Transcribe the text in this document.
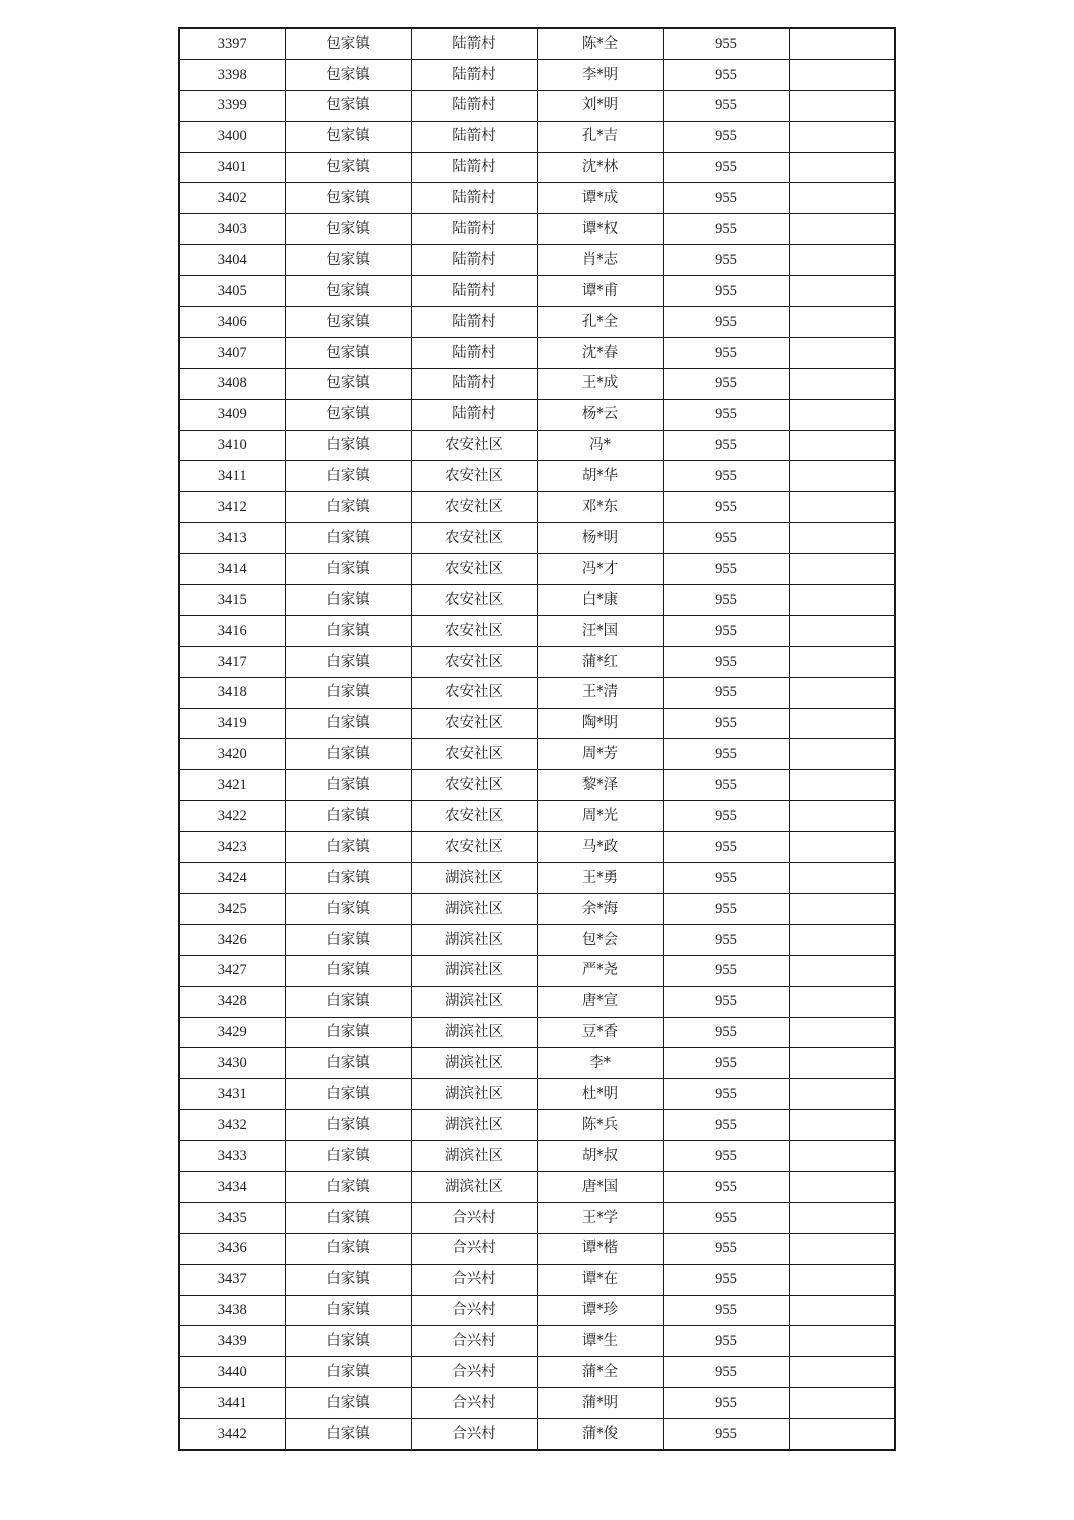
3397	包家镇	陆箭村	陈*全	955	
3398	包家镇	陆箭村	李*明	955	
3399	包家镇	陆箭村	刘*明	955	
3400	包家镇	陆箭村	孔*吉	955	
3401	包家镇	陆箭村	沈*林	955	
3402	包家镇	陆箭村	谭*成	955	
3403	包家镇	陆箭村	谭*权	955	
3404	包家镇	陆箭村	肖*志	955	
3405	包家镇	陆箭村	谭*甫	955	
3406	包家镇	陆箭村	孔*全	955	
3407	包家镇	陆箭村	沈*春	955	
3408	包家镇	陆箭村	王*成	955	
3409	包家镇	陆箭村	杨*云	955	
3410	白家镇	农安社区	冯*	955	
3411	白家镇	农安社区	胡*华	955	
3412	白家镇	农安社区	邓*东	955	
3413	白家镇	农安社区	杨*明	955	
3414	白家镇	农安社区	冯*才	955	
3415	白家镇	农安社区	白*康	955	
3416	白家镇	农安社区	汪*国	955	
3417	白家镇	农安社区	蒲*红	955	
3418	白家镇	农安社区	王*清	955	
3419	白家镇	农安社区	陶*明	955	
3420	白家镇	农安社区	周*芳	955	
3421	白家镇	农安社区	黎*泽	955	
3422	白家镇	农安社区	周*光	955	
3423	白家镇	农安社区	马*政	955	
3424	白家镇	湖滨社区	王*勇	955	
3425	白家镇	湖滨社区	余*海	955	
3426	白家镇	湖滨社区	包*会	955	
3427	白家镇	湖滨社区	严*尧	955	
3428	白家镇	湖滨社区	唐*宣	955	
3429	白家镇	湖滨社区	豆*香	955	
3430	白家镇	湖滨社区	李*	955	
3431	白家镇	湖滨社区	杜*明	955	
3432	白家镇	湖滨社区	陈*兵	955	
3433	白家镇	湖滨社区	胡*叔	955	
3434	白家镇	湖滨社区	唐*国	955	
3435	白家镇	合兴村	王*学	955	
3436	白家镇	合兴村	谭*楷	955	
3437	白家镇	合兴村	谭*在	955	
3438	白家镇	合兴村	谭*珍	955	
3439	白家镇	合兴村	谭*生	955	
3440	白家镇	合兴村	蒲*全	955	
3441	白家镇	合兴村	蒲*明	955	
3442	白家镇	合兴村	蒲*俊	955	
